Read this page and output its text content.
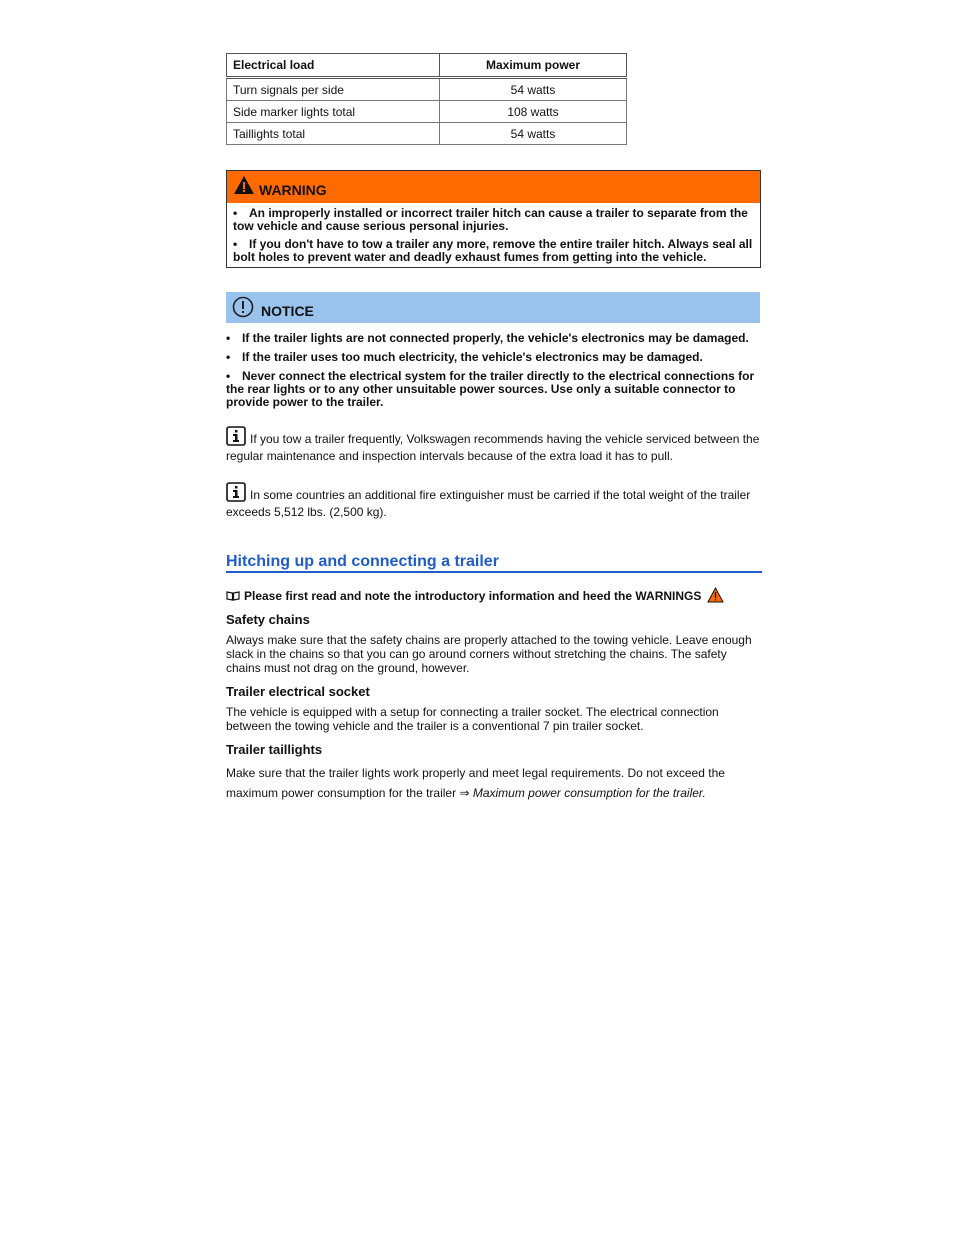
Electrical load	Maximum power
Turn signals per side	54 watts
Side marker lights total	108 watts
Taillights total	54 watts
WARNING

• An improperly installed or incorrect trailer hitch can cause a trailer to separate from the tow vehicle and cause serious personal injuries.

• If you don't have to tow a trailer any more, remove the entire trailer hitch. Always seal all bolt holes to prevent water and deadly exhaust fumes from getting into the vehicle.

NOTICE

• If the trailer lights are not connected properly, the vehicle's electronics may be damaged.

• If the trailer uses too much electricity, the vehicle's electronics may be damaged.

• Never connect the electrical system for the trailer directly to the electrical connections for the rear lights or to any other unsuitable power sources. Use only a suitable connector to provide power to the trailer.

If you tow a trailer frequently, Volkswagen recommends having the vehicle serviced between the regular maintenance and inspection intervals because of the extra load it has to pull.
In some countries an additional fire extinguisher must be carried if the total weight of the trailer exceeds 5,512 lbs. (2,500 kg).
Hitching up and connecting a trailer
Please first read and note the introductory information and heed the WARNINGS
Safety chains

Always make sure that the safety chains are properly attached to the towing vehicle. Leave enough slack in the chains so that you can go around corners without stretching the chains. The safety chains must not drag on the ground, however.

Trailer electrical socket

The vehicle is equipped with a setup for connecting a trailer socket. The electrical connection between the towing vehicle and the trailer is a conventional 7 pin trailer socket.

Trailer taillights

Make sure that the trailer lights work properly and meet legal requirements. Do not exceed the maximum power consumption for the trailer ⇒ Maximum power consumption for the trailer.
